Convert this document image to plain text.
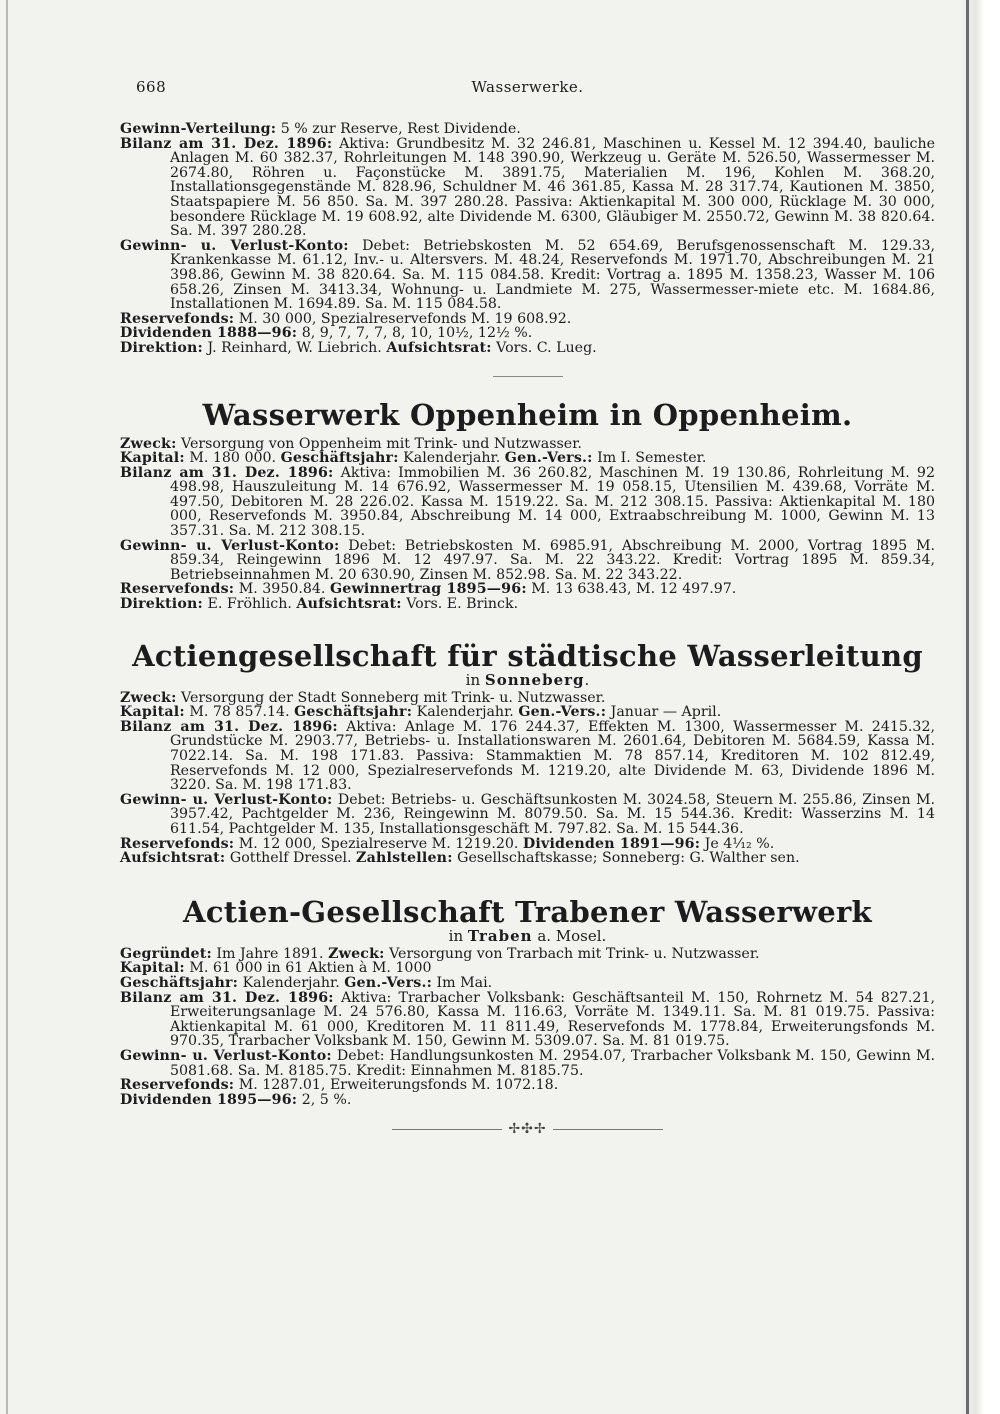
668	Wasserwerke.

Gewinn-Verteilung: 5 % zur Reserve, Rest Dividende.

Bilanz am 31. Dez. 1896: Aktiva: Grundbesitz M. 32 246.81, Maschinen u. Kessel M. 12 394.40, bauliche Anlagen M. 60 382.37, Rohrleitungen M. 148 390.90, Werkzeug u. Geräte M. 526.50, Wassermesser M. 2674.80, Röhren u. Façonstücke M. 3891.75, Materialien M. 196, Kohlen M. 368.20, Installationsgegenstände M. 828.96, Schuldner M. 46 361.85, Kassa M. 28 317.74, Kautionen M. 3850, Staatspapiere M. 56 850. Sa. M. 397 280.28. Passiva: Aktienkapital M. 300 000, Rücklage M. 30 000, besondere Rücklage M. 19 608.92, alte Dividende M. 6300, Gläubiger M. 2550.72, Gewinn M. 38 820.64. Sa. M. 397 280.28.

Gewinn- u. Verlust-Konto: Debet: Betriebskosten M. 52 654.69, Berufsgenossenschaft M. 129.33, Krankenkasse M. 61.12, Inv.- u. Altersvers. M. 48.24, Reservefonds M. 1971.70, Abschreibungen M. 21 398.86, Gewinn M. 38 820.64. Sa. M. 115 084.58. Kredit: Vortrag a. 1895 M. 1358.23, Wasser M. 106 658.26, Zinsen M. 3413.34, Wohnung- u. Landmiete M. 275, Wassermesser-miete etc. M. 1684.86, Installationen M. 1694.89. Sa. M. 115 084.58.

Reservefonds: M. 30 000, Spezialreservefonds M. 19 608.92.

Dividenden 1888—96: 8, 9, 7, 7, 7, 8, 10, 10½, 12½ %.

Direktion: J. Reinhard, W. Liebrich. Aufsichtsrat: Vors. C. Lueg.

Wasserwerk Oppenheim in Oppenheim.

Zweck: Versorgung von Oppenheim mit Trink- und Nutzwasser.

Kapital: M. 180 000. Geschäftsjahr: Kalenderjahr. Gen.-Vers.: Im I. Semester.

Bilanz am 31. Dez. 1896: Aktiva: Immobilien M. 36 260.82, Maschinen M. 19 130.86, Rohrleitung M. 92 498.98, Hauszuleitung M. 14 676.92, Wassermesser M. 19 058.15, Utensilien M. 439.68, Vorräte M. 497.50, Debitoren M. 28 226.02. Kassa M. 1519.22. Sa. M. 212 308.15. Passiva: Aktienkapital M. 180 000, Reservefonds M. 3950.84, Abschreibung M. 14 000, Extraabschreibung M. 1000, Gewinn M. 13 357.31. Sa. M. 212 308.15.

Gewinn- u. Verlust-Konto: Debet: Betriebskosten M. 6985.91, Abschreibung M. 2000, Vortrag 1895 M. 859.34, Reingewinn 1896 M. 12 497.97. Sa. M. 22 343.22. Kredit: Vortrag 1895 M. 859.34, Betriebseinnahmen M. 20 630.90, Zinsen M. 852.98. Sa. M. 22 343.22.

Reservefonds: M. 3950.84. Gewinnertrag 1895—96: M. 13 638.43, M. 12 497.97.

Direktion: E. Fröhlich. Aufsichtsrat: Vors. E. Brinck.

Actiengesellschaft für städtische Wasserleitung

in Sonneberg.

Zweck: Versorgung der Stadt Sonneberg mit Trink- u. Nutzwasser.

Kapital: M. 78 857.14. Geschäftsjahr: Kalenderjahr. Gen.-Vers.: Januar — April.

Bilanz am 31. Dez. 1896: Aktiva: Anlage M. 176 244.37, Effekten M. 1300, Wassermesser M. 2415.32, Grundstücke M. 2903.77, Betriebs- u. Installationswaren M. 2601.64, Debitoren M. 5684.59, Kassa M. 7022.14. Sa. M. 198 171.83. Passiva: Stammaktien M. 78 857.14, Kreditoren M. 102 812.49, Reservefonds M. 12 000, Spezialreservefonds M. 1219.20, alte Dividende M. 63, Dividende 1896 M. 3220. Sa. M. 198 171.83.

Gewinn- u. Verlust-Konto: Debet: Betriebs- u. Geschäftsunkosten M. 3024.58, Steuern M. 255.86, Zinsen M. 3957.42, Pachtgelder M. 236, Reingewinn M. 8079.50. Sa. M. 15 544.36. Kredit: Wasserzins M. 14 611.54, Pachtgelder M. 135, Installationsgeschäft M. 797.82. Sa. M. 15 544.36.

Reservefonds: M. 12 000, Spezialreserve M. 1219.20. Dividenden 1891—96: Je 4¹⁄₁₂ %.

Aufsichtsrat: Gotthelf Dressel. Zahlstellen: Gesellschaftskasse; Sonneberg: G. Walther sen.

Actien-Gesellschaft Trabener Wasserwerk

in Traben a. Mosel.

Gegründet: Im Jahre 1891. Zweck: Versorgung von Trarbach mit Trink- u. Nutzwasser.

Kapital: M. 61 000 in 61 Aktien à M. 1000

Geschäftsjahr: Kalenderjahr. Gen.-Vers.: Im Mai.

Bilanz am 31. Dez. 1896: Aktiva: Trarbacher Volksbank: Geschäftsanteil M. 150, Rohrnetz M. 54 827.21, Erweiterungsanlage M. 24 576.80, Kassa M. 116.63, Vorräte M. 1349.11. Sa. M. 81 019.75. Passiva: Aktienkapital M. 61 000, Kreditoren M. 11 811.49, Reservefonds M. 1778.84, Erweiterungsfonds M. 970.35, Trarbacher Volksbank M. 150, Gewinn M. 5309.07. Sa. M. 81 019.75.

Gewinn- u. Verlust-Konto: Debet: Handlungsunkosten M. 2954.07, Trarbacher Volksbank M. 150, Gewinn M. 5081.68. Sa. M. 8185.75. Kredit: Einnahmen M. 8185.75.

Reservefonds: M. 1287.01, Erweiterungsfonds M. 1072.18.

Dividenden 1895—96: 2, 5 %.

✢✣✢
